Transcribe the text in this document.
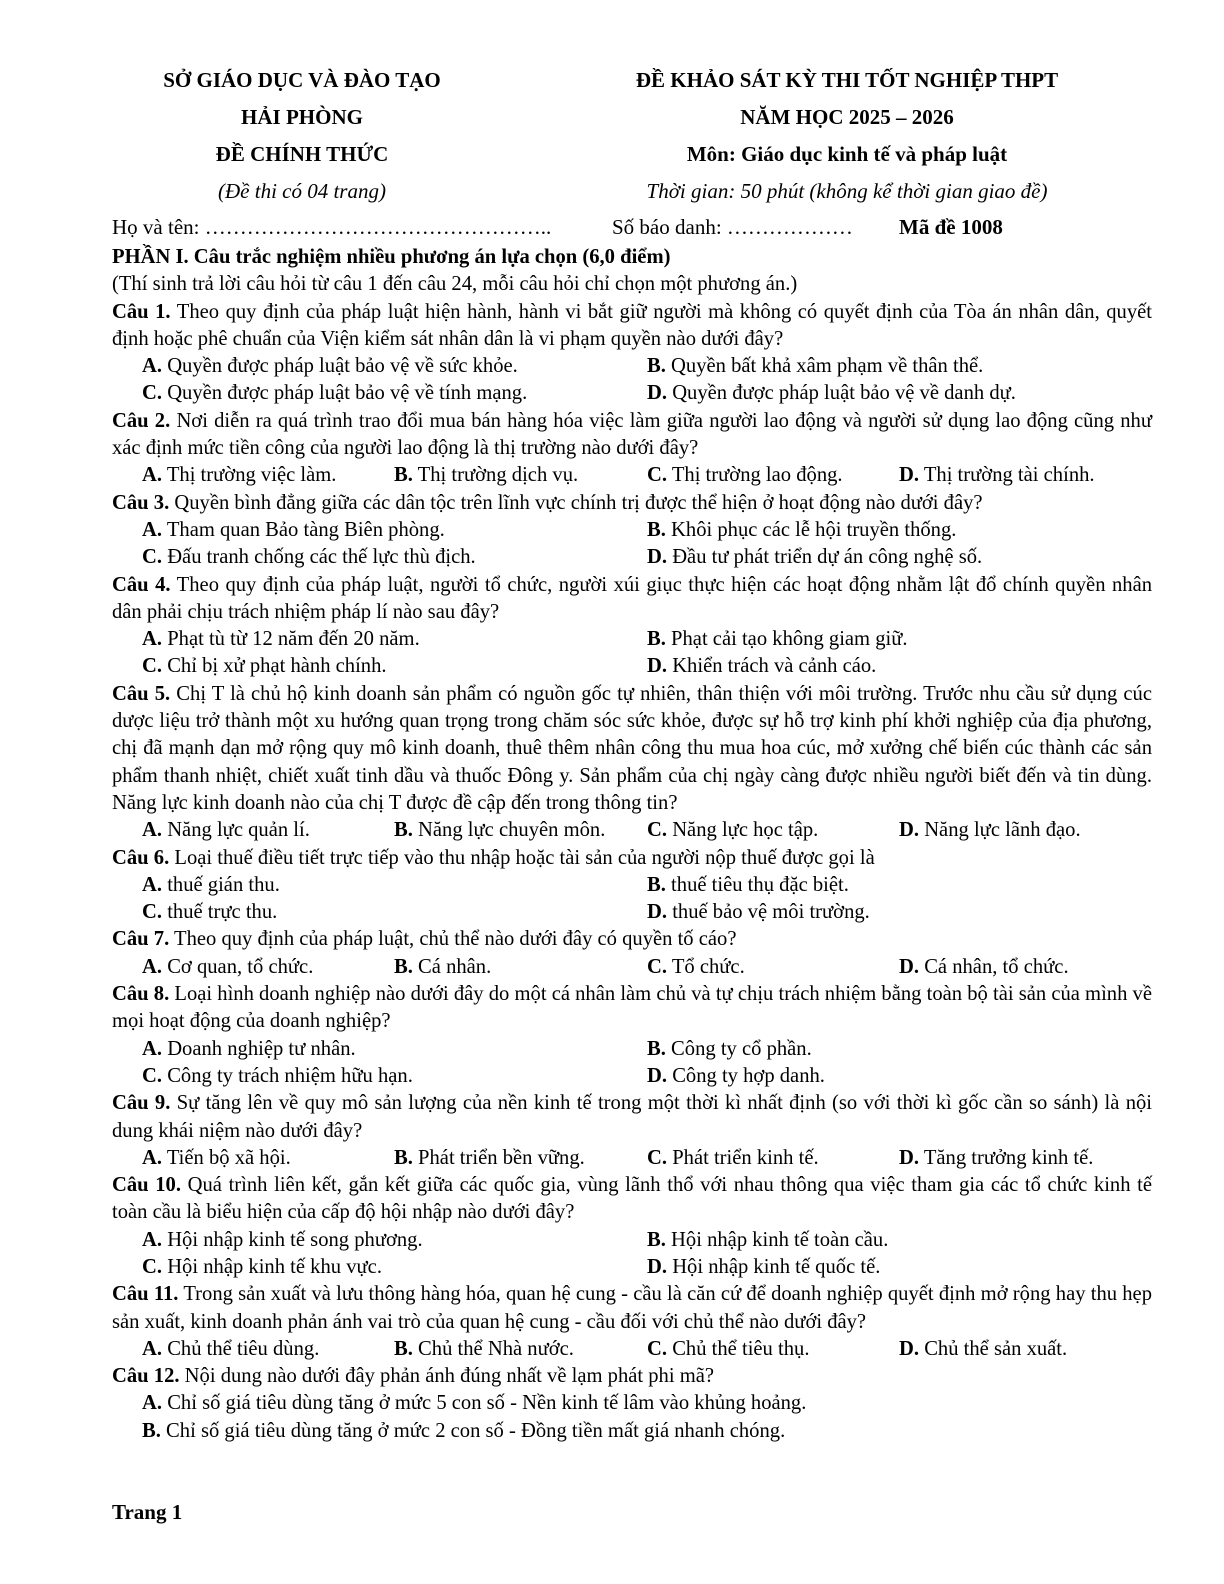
SỞ GIÁO DỤC VÀ ĐÀO TẠO
HẢI PHÒNG
ĐỀ CHÍNH THỨC
(Đề thi có 04 trang)
ĐỀ KHẢO SÁT KỲ THI TỐT NGHIỆP THPT
NĂM HỌC 2025 – 2026
Môn: Giáo dục kinh tế và pháp luật
Thời gian: 50 phút (không kể thời gian giao đề)
Họ và tên: …………………………………………..	Số báo danh: ……………… Mã đề 1008
PHẦN I. Câu trắc nghiệm nhiều phương án lựa chọn (6,0 điểm)
(Thí sinh trả lời câu hỏi từ câu 1 đến câu 24, mỗi câu hỏi chỉ chọn một phương án.)
Câu 1. Theo quy định của pháp luật hiện hành, hành vi bắt giữ người mà không có quyết định của Tòa án nhân dân, quyết định hoặc phê chuẩn của Viện kiểm sát nhân dân là vi phạm quyền nào dưới đây?
A. Quyền được pháp luật bảo vệ về sức khỏe.	B. Quyền bất khả xâm phạm về thân thể.
C. Quyền được pháp luật bảo vệ về tính mạng.	D. Quyền được pháp luật bảo vệ về danh dự.
Câu 2. Nơi diễn ra quá trình trao đổi mua bán hàng hóa việc làm giữa người lao động và người sử dụng lao động cũng như xác định mức tiền công của người lao động là thị trường nào dưới đây?
A. Thị trường việc làm.	B. Thị trường dịch vụ.	C. Thị trường lao động.	D. Thị trường tài chính.
Câu 3. Quyền bình đẳng giữa các dân tộc trên lĩnh vực chính trị được thể hiện ở hoạt động nào dưới đây?
A. Tham quan Bảo tàng Biên phòng.	B. Khôi phục các lễ hội truyền thống.
C. Đấu tranh chống các thế lực thù địch.	D. Đầu tư phát triển dự án công nghệ số.
Câu 4. Theo quy định của pháp luật, người tổ chức, người xúi giục thực hiện các hoạt động nhằm lật đổ chính quyền nhân dân phải chịu trách nhiệm pháp lí nào sau đây?
A. Phạt tù từ 12 năm đến 20 năm.	B. Phạt cải tạo không giam giữ.
C. Chỉ bị xử phạt hành chính.	D. Khiển trách và cảnh cáo.
Câu 5. Chị T là chủ hộ kinh doanh sản phẩm có nguồn gốc tự nhiên, thân thiện với môi trường. Trước nhu cầu sử dụng cúc dược liệu trở thành một xu hướng quan trọng trong chăm sóc sức khỏe, được sự hỗ trợ kinh phí khởi nghiệp của địa phương, chị đã mạnh dạn mở rộng quy mô kinh doanh, thuê thêm nhân công thu mua hoa cúc, mở xưởng chế biến cúc thành các sản phẩm thanh nhiệt, chiết xuất tinh dầu và thuốc Đông y. Sản phẩm của chị ngày càng được nhiều người biết đến và tin dùng. Năng lực kinh doanh nào của chị T được đề cập đến trong thông tin?
A. Năng lực quản lí.	B. Năng lực chuyên môn. C. Năng lực học tập.	D. Năng lực lãnh đạo.
Câu 6. Loại thuế điều tiết trực tiếp vào thu nhập hoặc tài sản của người nộp thuế được gọi là
A. thuế gián thu.	B. thuế tiêu thụ đặc biệt.
C. thuế trực thu.	D. thuế bảo vệ môi trường.
Câu 7. Theo quy định của pháp luật, chủ thể nào dưới đây có quyền tố cáo?
A. Cơ quan, tổ chức.	B. Cá nhân.	C. Tổ chức.	D. Cá nhân, tổ chức.
Câu 8. Loại hình doanh nghiệp nào dưới đây do một cá nhân làm chủ và tự chịu trách nhiệm bằng toàn bộ tài sản của mình về mọi hoạt động của doanh nghiệp?
A. Doanh nghiệp tư nhân.	B. Công ty cổ phần.
C. Công ty trách nhiệm hữu hạn.	D. Công ty hợp danh.
Câu 9. Sự tăng lên về quy mô sản lượng của nền kinh tế trong một thời kì nhất định (so với thời kì gốc cần so sánh) là nội dung khái niệm nào dưới đây?
A. Tiến bộ xã hội.	B. Phát triển bền vững.	C. Phát triển kinh tế.	D. Tăng trưởng kinh tế.
Câu 10. Quá trình liên kết, gắn kết giữa các quốc gia, vùng lãnh thổ với nhau thông qua việc tham gia các tổ chức kinh tế toàn cầu là biểu hiện của cấp độ hội nhập nào dưới đây?
A. Hội nhập kinh tế song phương.	B. Hội nhập kinh tế toàn cầu.
C. Hội nhập kinh tế khu vực.	D. Hội nhập kinh tế quốc tế.
Câu 11. Trong sản xuất và lưu thông hàng hóa, quan hệ cung - cầu là căn cứ để doanh nghiệp quyết định mở rộng hay thu hẹp sản xuất, kinh doanh phản ánh vai trò của quan hệ cung - cầu đối với chủ thể nào dưới đây?
A. Chủ thể tiêu dùng.	B. Chủ thể Nhà nước.	C. Chủ thể tiêu thụ.	D. Chủ thể sản xuất.
Câu 12. Nội dung nào dưới đây phản ánh đúng nhất về lạm phát phi mã?
A. Chỉ số giá tiêu dùng tăng ở mức 5 con số - Nền kinh tế lâm vào khủng hoảng.
B. Chỉ số giá tiêu dùng tăng ở mức 2 con số - Đồng tiền mất giá nhanh chóng.
Trang 1
